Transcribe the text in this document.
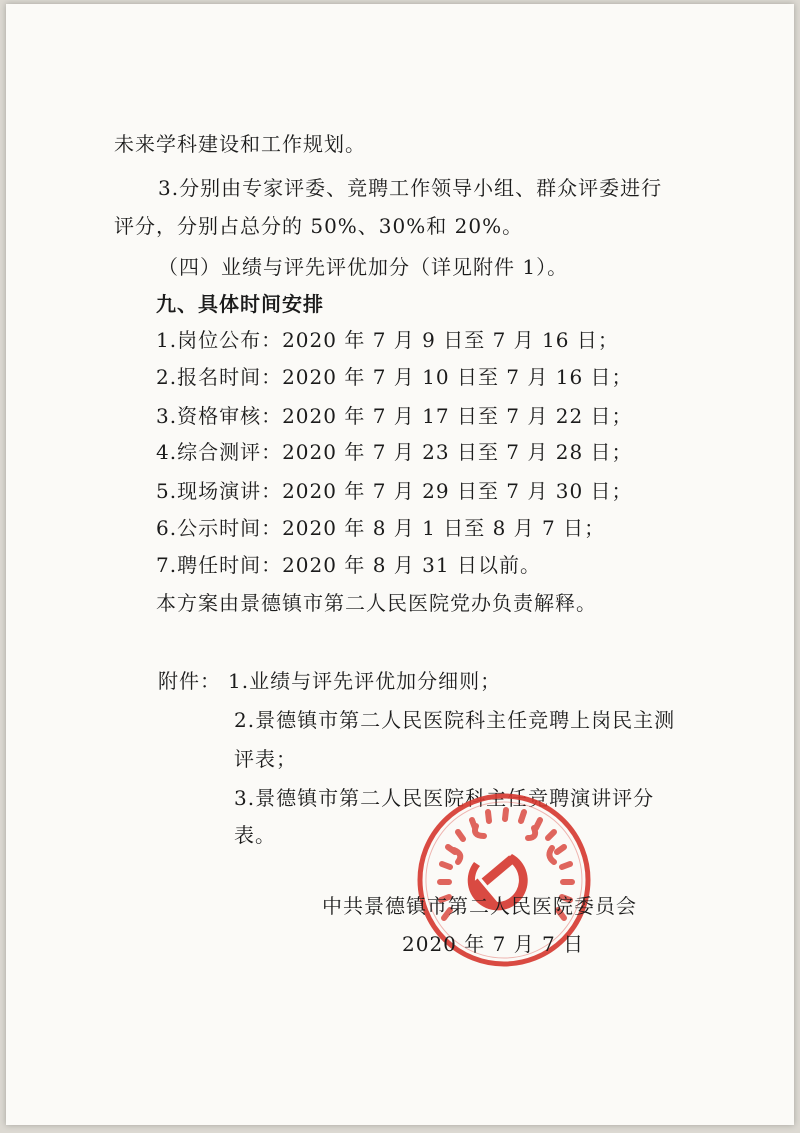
未来学科建设和工作规划。
3.分别由专家评委、竞聘工作领导小组、群众评委进行
评分，分别占总分的 50%、30%和 20%。
（四）业绩与评先评优加分（详见附件 1）。
九、具体时间安排
1.岗位公布：2020 年 7 月 9 日至 7 月 16 日；
2.报名时间：2020 年 7 月 10 日至 7 月 16 日；
3.资格审核：2020 年 7 月 17 日至 7 月 22 日；
4.综合测评：2020 年 7 月 23 日至 7 月 28 日；
5.现场演讲：2020 年 7 月 29 日至 7 月 30 日；
6.公示时间：2020 年 8 月 1 日至 8 月 7 日；
7.聘任时间：2020 年 8 月 31 日以前。
本方案由景德镇市第二人民医院党办负责解释。
附件： 1.业绩与评先评优加分细则；
2.景德镇市第二人民医院科主任竞聘上岗民主测
评表；
3.景德镇市第二人民医院科主任竞聘演讲评分
表。
中共景德镇市第二人民医院委员会
2020 年 7 月 7 日
